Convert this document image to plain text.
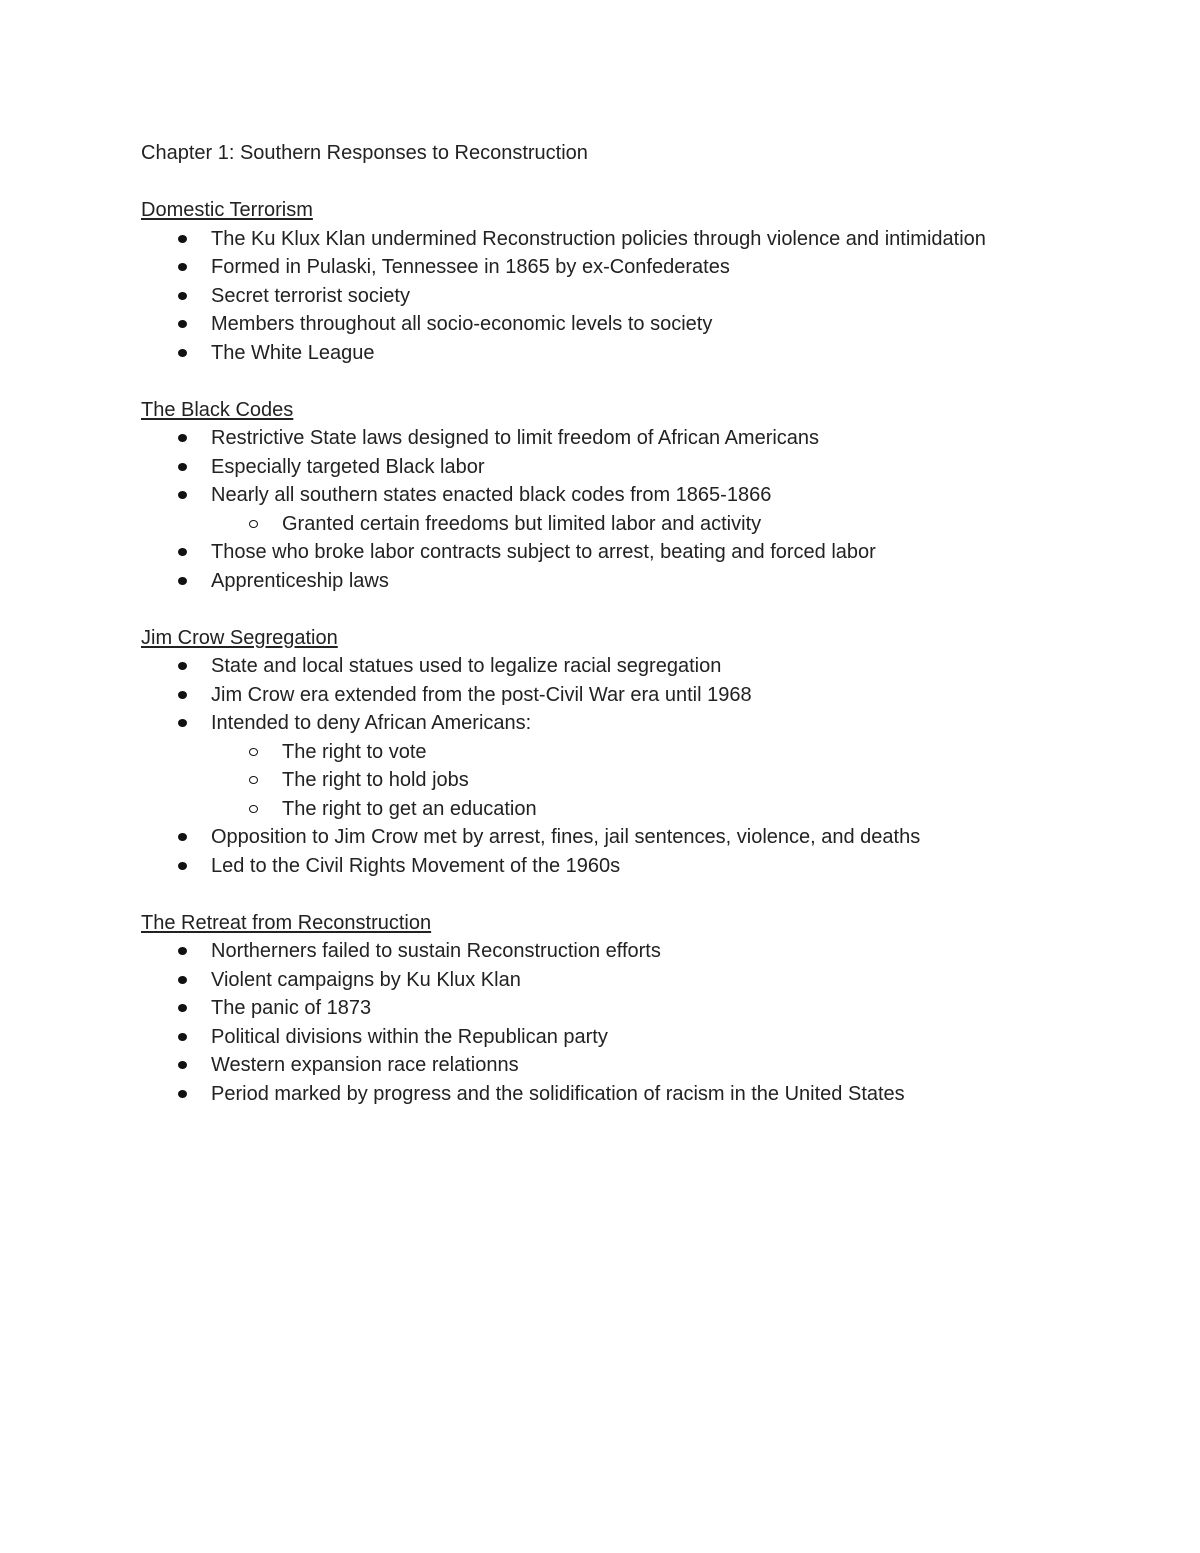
Chapter 1: Southern Responses to Reconstruction
Domestic Terrorism
The Ku Klux Klan undermined Reconstruction policies through violence and intimidation
Formed in Pulaski, Tennessee in 1865 by ex-Confederates
Secret terrorist society
Members throughout all socio-economic levels to society
The White League
The Black Codes
Restrictive State laws designed to limit freedom of African Americans
Especially targeted Black labor
Nearly all southern states enacted black codes from 1865-1866
Granted certain freedoms but limited labor and activity
Those who broke labor contracts subject to arrest, beating and forced labor
Apprenticeship laws
Jim Crow Segregation
State and local statues used to legalize racial segregation
Jim Crow era extended from the post-Civil War era until 1968
Intended to deny African Americans:
The right to vote
The right to hold jobs
The right to get an education
Opposition to Jim Crow met by arrest, fines, jail sentences, violence, and deaths
Led to the Civil Rights Movement of the 1960s
The Retreat from Reconstruction
Northerners failed to sustain Reconstruction efforts
Violent campaigns by Ku Klux Klan
The panic of 1873
Political divisions within the Republican party
Western expansion race relationns
Period marked by progress and the solidification of racism in the United States
